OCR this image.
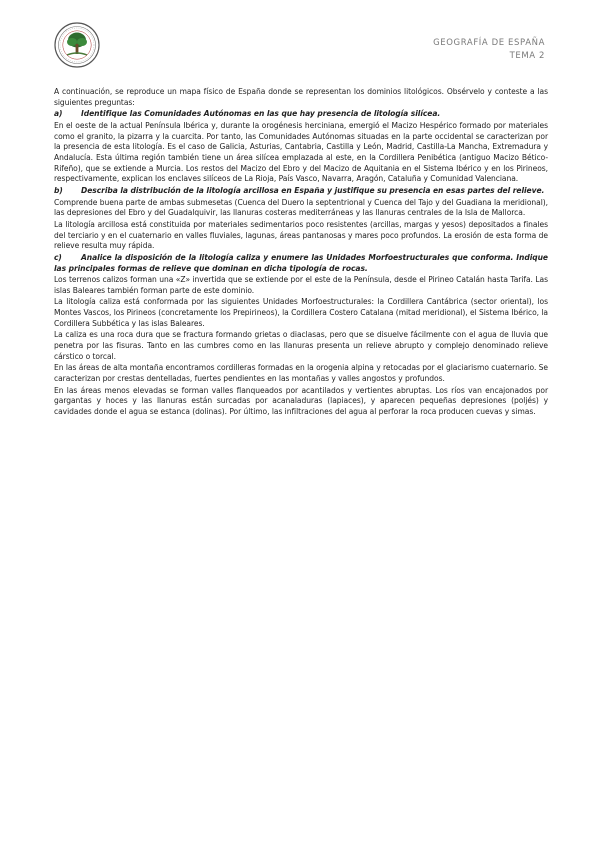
GEOGRAFÍA DE ESPAÑA
TEMA 2

A continuación, se reproduce un mapa físico de España donde se representan los dominios litológicos. Obsérvelo y conteste a las siguientes preguntas:

a) Identifique las Comunidades Autónomas en las que hay presencia de litología silícea.

En el oeste de la actual Península Ibérica y, durante la orogénesis herciniana, emergió el Macizo Hespérico formado por materiales como el granito, la pizarra y la cuarcita. Por tanto, las Comunidades Autónomas situadas en la parte occidental se caracterizan por la presencia de esta litología. Es el caso de Galicia, Asturias, Cantabria, Castilla y León, Madrid, Castilla-La Mancha, Extremadura y Andalucía. Esta última región también tiene un área silícea emplazada al este, en la Cordillera Penibética (antiguo Macizo Bético- Rifeño), que se extiende a Murcia. Los restos del Macizo del Ebro y del Macizo de Aquitania en el Sistema Ibérico y en los Pirineos, respectivamente, explican los enclaves silíceos de La Rioja, País Vasco, Navarra, Aragón, Cataluña y Comunidad Valenciana.

b) Describa la distribución de la litología arcillosa en España y justifique su presencia en esas partes del relieve.

Comprende buena parte de ambas submesetas (Cuenca del Duero la septentrional y Cuenca del Tajo y del Guadiana la meridional), las depresiones del Ebro y del Guadalquivir, las llanuras costeras mediterráneas y las llanuras centrales de la Isla de Mallorca.

La litología arcillosa está constituida por materiales sedimentarios poco resistentes (arcillas, margas y yesos) depositados a finales del terciario y en el cuaternario en valles fluviales, lagunas, áreas pantanosas y mares poco profundos. La erosión de esta forma de relieve resulta muy rápida.

c)	Analice la disposición de la litología caliza y enumere las Unidades Morfoestructurales que conforma. Indique las principales formas de relieve que dominan en dicha tipología de rocas.

Los terrenos calizos forman una «Z» invertida que se extiende por el este de la Península, desde el Pirineo Catalán hasta Tarifa. Las islas Baleares también forman parte de este dominio.

La litología caliza está conformada por las siguientes Unidades Morfoestructurales: la Cordillera Cantábrica (sector oriental), los Montes Vascos, los Pirineos (concretamente los Prepirineos), la Cordillera Costero Catalana (mitad meridional), el Sistema Ibérico, la Cordillera Subbética y las islas Baleares.

La caliza es una roca dura que se fractura formando grietas o diaclasas, pero que se disuelve fácilmente con el agua de lluvia que penetra por las fisuras. Tanto en las cumbres como en las llanuras presenta un relieve abrupto y complejo denominado relieve cárstico o torcal.

En las áreas de alta montaña encontramos cordilleras formadas en la orogenia alpina y retocadas por el glaciarismo cuaternario. Se caracterizan por crestas dentelladas, fuertes pendientes en las montañas y valles angostos y profundos.

En las áreas menos elevadas se forman valles flanqueados por acantilados y vertientes abruptas. Los ríos van encajonados por gargantas y hoces y las llanuras están surcadas por acanaladuras (lapiaces), y aparecen pequeñas depresiones (poljés) y cavidades donde el agua se estanca (dolinas). Por último, las infiltraciones del agua al perforar la roca producen cuevas y simas.
